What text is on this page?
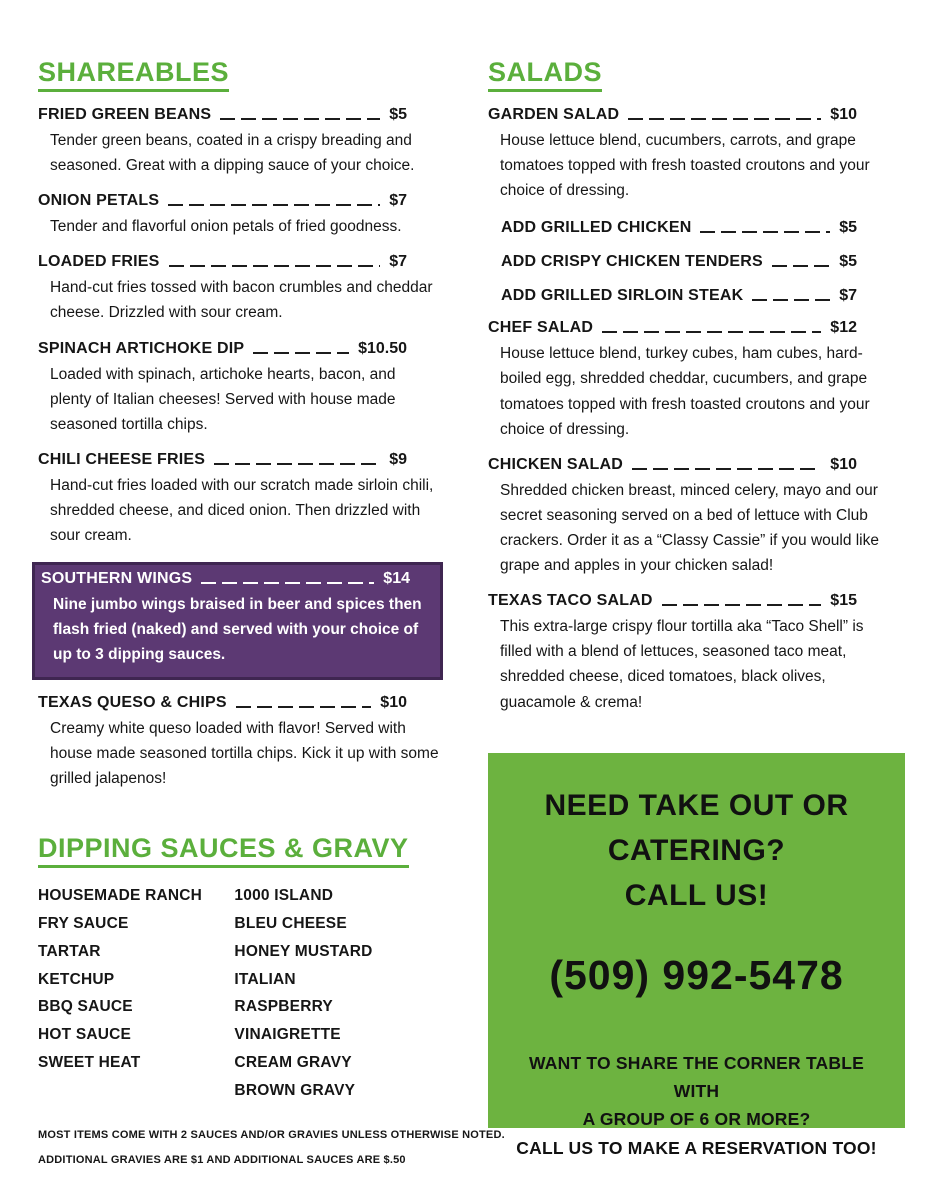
SHAREABLES
FRIED GREEN BEANS	$5

Tender green beans, coated in a crispy breading and seasoned. Great with a dipping sauce of your choice.

ONION PETALS	$7

Tender and flavorful onion petals of fried goodness.

LOADED FRIES	$7

Hand-cut fries tossed with bacon crumbles and cheddar cheese. Drizzled with sour cream.

SPINACH ARTICHOKE DIP	$10.50

Loaded with spinach, artichoke hearts, bacon, and plenty of Italian cheeses! Served with house made seasoned tortilla chips.

CHILI CHEESE FRIES	$9

Hand-cut fries loaded with our scratch made sirloin chili, shredded cheese, and diced onion. Then drizzled with sour cream.

SOUTHERN WINGS	$14

Nine jumbo wings braised in beer and spices then flash fried (naked) and served with your choice of up to 3 dipping sauces.

TEXAS QUESO & CHIPS	$10

Creamy white queso loaded with flavor! Served with house made seasoned tortilla chips. Kick it up with some grilled jalapenos!

DIPPING SAUCES & GRAVY
HOUSEMADE RANCH
FRY SAUCE
TARTAR
KETCHUP
BBQ SAUCE
HOT SAUCE
SWEET HEAT
1000 ISLAND
BLEU CHEESE
HONEY MUSTARD
ITALIAN
RASPBERRY VINAIGRETTE
CREAM GRAVY
BROWN GRAVY

MOST ITEMS COME WITH 2 SAUCES AND/OR GRAVIES UNLESS OTHERWISE NOTED.
ADDITIONAL GRAVIES ARE $1 AND ADDITIONAL SAUCES ARE $.50

SALADS
GARDEN SALAD	$10

House lettuce blend, cucumbers, carrots, and grape tomatoes topped with fresh toasted croutons and your choice of dressing.

ADD GRILLED CHICKEN	$5
ADD CRISPY CHICKEN TENDERS	$5
ADD GRILLED SIRLOIN STEAK	$7
CHEF SALAD	$12

House lettuce blend, turkey cubes, ham cubes, hard-boiled egg, shredded cheddar, cucumbers, and grape tomatoes topped with fresh toasted croutons and your choice of dressing.

CHICKEN SALAD	$10

Shredded chicken breast, minced celery, mayo and our secret seasoning served on a bed of lettuce with Club crackers. Order it as a “Classy Cassie” if you would like grape and apples in your chicken salad!

TEXAS TACO SALAD	$15

This extra-large crispy flour tortilla aka “Taco Shell” is filled with a blend of lettuces, seasoned taco meat, shredded cheese, diced tomatoes, black olives, guacamole & crema!

NEED TAKE OUT OR
CATERING?
CALL US!
(509) 992-5478
WANT TO SHARE THE CORNER TABLE WITH
A GROUP OF 6 OR MORE?
CALL US TO MAKE A RESERVATION TOO!
